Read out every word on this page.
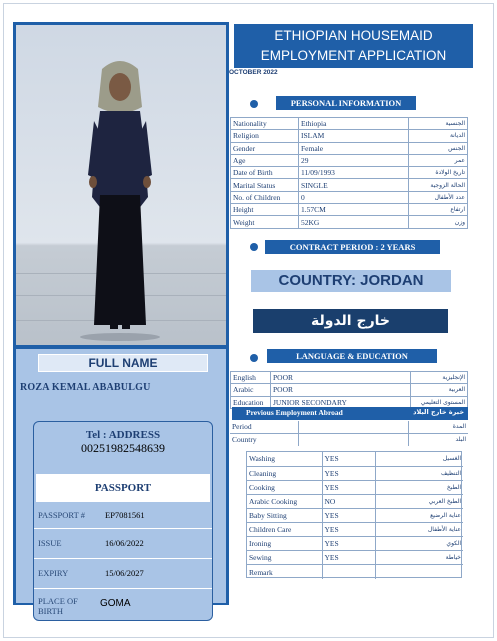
FULL NAME
ROZA KEMAL ABABULGU
Tel : ADDRESS
00251982548639
PASSPORT
PASSPORT # EP7081561
ISSUE	16/06/2022
EXPIRY	15/06/2027
PLACE OF
BIRTH
GOMA
ETHIOPIAN HOUSEMAID
EMPLOYMENT APPLICATION
OCTOBER 2022
PERSONAL INFORMATION
Nationality	Ethiopia	الجنسية
Religion	ISLAM	الديانة
Gender	Female	الجنس
Age	29	عمر
Date of Birth	11/09/1993	تاريخ الولادة
Marital Status	SINGLE	الحالة الزوجية
No. of Children	0	عدد الأطفال
Height	1.57CM	ارتفاع
Weight	52KG	وزن
CONTRACT PERIOD : 2 YEARS
COUNTRY: JORDAN
خارج الدولة
LANGUAGE & EDUCATION
English	POOR	الإنجليزية
Arabic	POOR	العربية
Education	JUNIOR SECONDARY	المستوى التعليمي
Previous Employment Abroad	خبرة خارج البلاد
Period		المدة
Country		البلد
Washing	YES	الغسيل
Cleaning	YES	التنظيف
Cooking	YES	الطبخ
Arabic Cooking	NO	الطبخ العربي
Baby Sitting	YES	عناية الرضيع
Children Care	YES	عناية الأطفال
Ironing	YES	الكوي
Sewing	YES	خياطة
Remark		
